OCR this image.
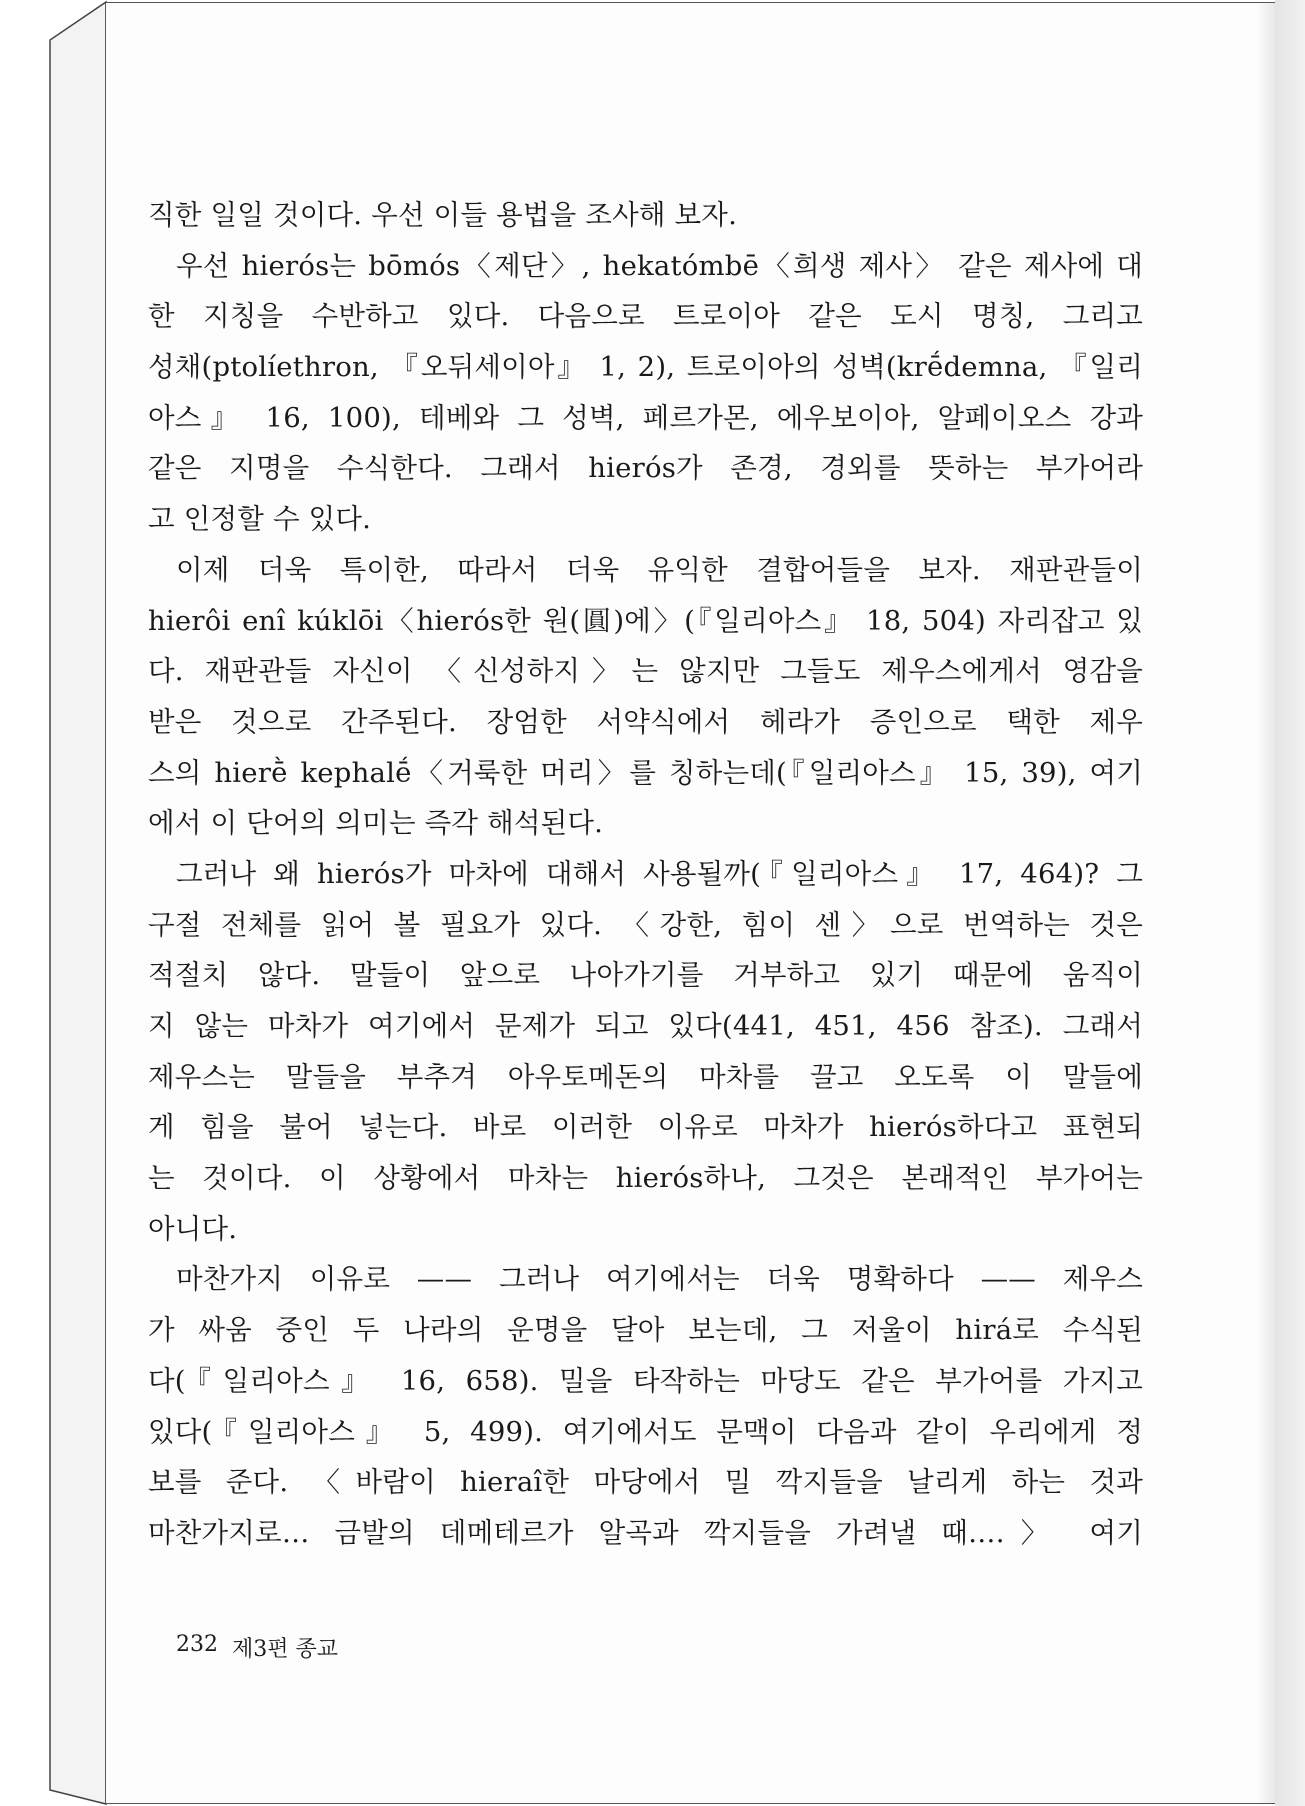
직한 일일 것이다. 우선 이들 용법을 조사해 보자.
우선 hierós는 bōmós〈제단〉, hekatómbē〈희생 제사〉 같은 제사에 대
한 지칭을 수반하고 있다. 다음으로 트로이아 같은 도시 명칭, 그리고
성채(ptolíethron, 『오뒤세이아』 1, 2), 트로이아의 성벽(krḗdemna, 『일리
아스』 16, 100), 테베와 그 성벽, 페르가몬, 에우보이아, 알페이오스 강과
같은 지명을 수식한다. 그래서 hierós가 존경, 경외를 뜻하는 부가어라
고 인정할 수 있다.
이제 더욱 특이한, 따라서 더욱 유익한 결합어들을 보자. 재판관들이
hierôi enî kúklōi〈hierós한 원(圓)에〉(『일리아스』 18, 504) 자리잡고 있
다. 재판관들 자신이 〈신성하지〉는 않지만 그들도 제우스에게서 영감을
받은 것으로 간주된다. 장엄한 서약식에서 헤라가 증인으로 택한 제우
스의 hierḕ kephalḗ〈거룩한 머리〉를 칭하는데(『일리아스』 15, 39), 여기
에서 이 단어의 의미는 즉각 해석된다.
그러나 왜 hierós가 마차에 대해서 사용될까(『일리아스』 17, 464)? 그
구절 전체를 읽어 볼 필요가 있다. 〈강한, 힘이 센〉으로 번역하는 것은
적절치 않다. 말들이 앞으로 나아가기를 거부하고 있기 때문에 움직이
지 않는 마차가 여기에서 문제가 되고 있다(441, 451, 456 참조). 그래서
제우스는 말들을 부추겨 아우토메돈의 마차를 끌고 오도록 이 말들에
게 힘을 불어 넣는다. 바로 이러한 이유로 마차가 hierós하다고 표현되
는 것이다. 이 상황에서 마차는 hierós하나, 그것은 본래적인 부가어는
아니다.
마찬가지 이유로 —— 그러나 여기에서는 더욱 명확하다 —— 제우스
가 싸움 중인 두 나라의 운명을 달아 보는데, 그 저울이 hirá로 수식된
다(『일리아스』 16, 658). 밀을 타작하는 마당도 같은 부가어를 가지고
있다(『일리아스』 5, 499). 여기에서도 문맥이 다음과 같이 우리에게 정
보를 준다. 〈바람이 hieraî한 마당에서 밀 깍지들을 날리게 하는 것과
마찬가지로… 금발의 데메테르가 알곡과 깍지들을 가려낼 때….〉 여기
232 제3편 종교
